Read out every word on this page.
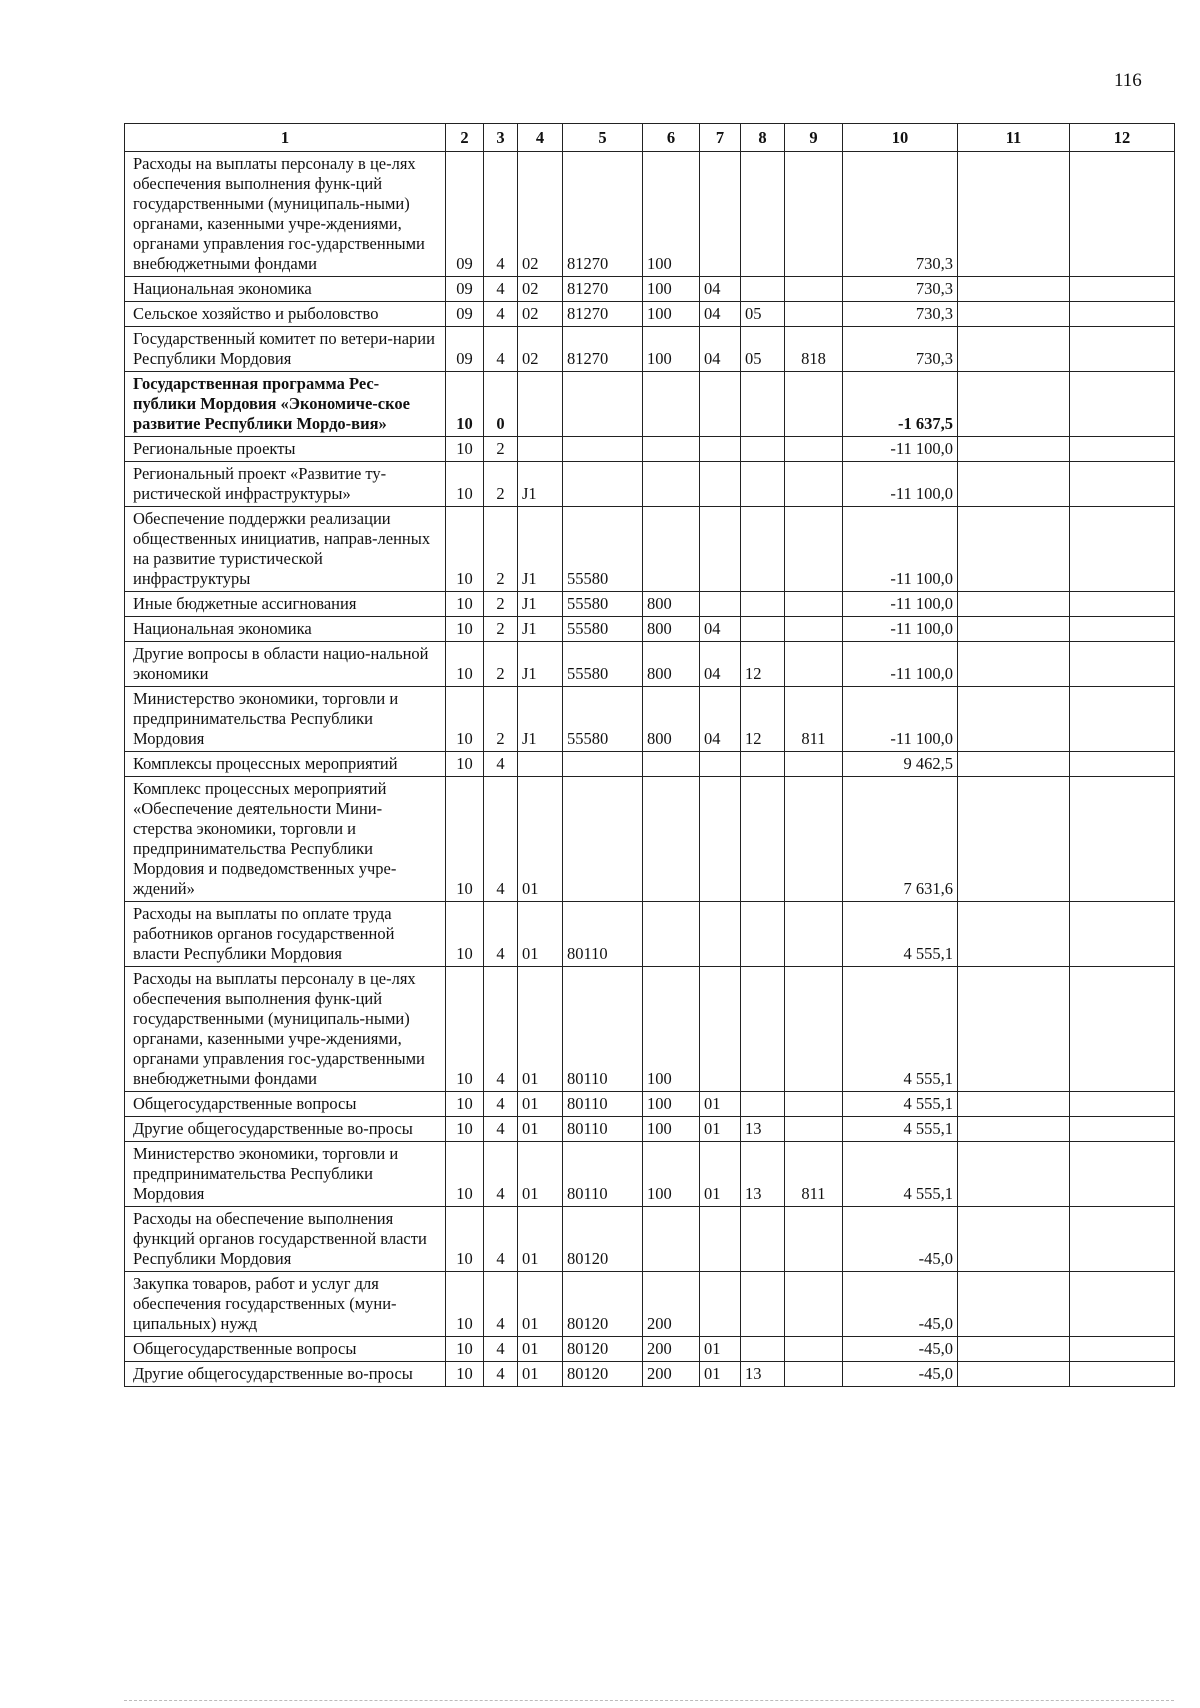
116
1	2	3	4	5	6	7	8	9	10	11	12
Расходы на выплаты персоналу в це-лях обеспечения выполнения функ-ций государственными (муниципаль-ными) органами, казенными учре-ждениями, органами управления гос-ударственными внебюджетными фондами	09	4	02	81270	100				730,3		
Национальная экономика	09	4	02	81270	100	04			730,3		
Сельское хозяйство и рыболовство	09	4	02	81270	100	04	05		730,3		
Государственный комитет по ветери-нарии Республики Мордовия	09	4	02	81270	100	04	05	818	730,3		
Государственная программа Рес-публики Мордовия «Экономиче-ское развитие Республики Мордо-вия»	10	0							-1 637,5		
Региональные проекты	10	2							-11 100,0		
Региональный проект «Развитие ту-ристической инфраструктуры»	10	2	J1						-11 100,0		
Обеспечение поддержки реализации общественных инициатив, направ-ленных на развитие туристической инфраструктуры	10	2	J1	55580					-11 100,0		
Иные бюджетные ассигнования	10	2	J1	55580	800				-11 100,0		
Национальная экономика	10	2	J1	55580	800	04			-11 100,0		
Другие вопросы в области нацио-нальной экономики	10	2	J1	55580	800	04	12		-11 100,0		
Министерство экономики, торговли и предпринимательства Республики Мордовия	10	2	J1	55580	800	04	12	811	-11 100,0		
Комплексы процессных мероприятий	10	4							9 462,5		
Комплекс процессных мероприятий «Обеспечение деятельности Мини-стерства экономики, торговли и предпринимательства Республики Мордовия и подведомственных учре-ждений»	10	4	01						7 631,6		
Расходы на выплаты по оплате труда работников органов государственной власти Республики Мордовия	10	4	01	80110					4 555,1		
Расходы на выплаты персоналу в це-лях обеспечения выполнения функ-ций государственными (муниципаль-ными) органами, казенными учре-ждениями, органами управления гос-ударственными внебюджетными фондами	10	4	01	80110	100				4 555,1		
Общегосударственные вопросы	10	4	01	80110	100	01			4 555,1		
Другие общегосударственные во-просы	10	4	01	80110	100	01	13		4 555,1		
Министерство экономики, торговли и предпринимательства Республики Мордовия	10	4	01	80110	100	01	13	811	4 555,1		
Расходы на обеспечение выполнения функций органов государственной власти Республики Мордовия	10	4	01	80120					-45,0		
Закупка товаров, работ и услуг для обеспечения государственных (муни-ципальных) нужд	10	4	01	80120	200				-45,0		
Общегосударственные вопросы	10	4	01	80120	200	01			-45,0		
Другие общегосударственные во-просы	10	4	01	80120	200	01	13		-45,0		
